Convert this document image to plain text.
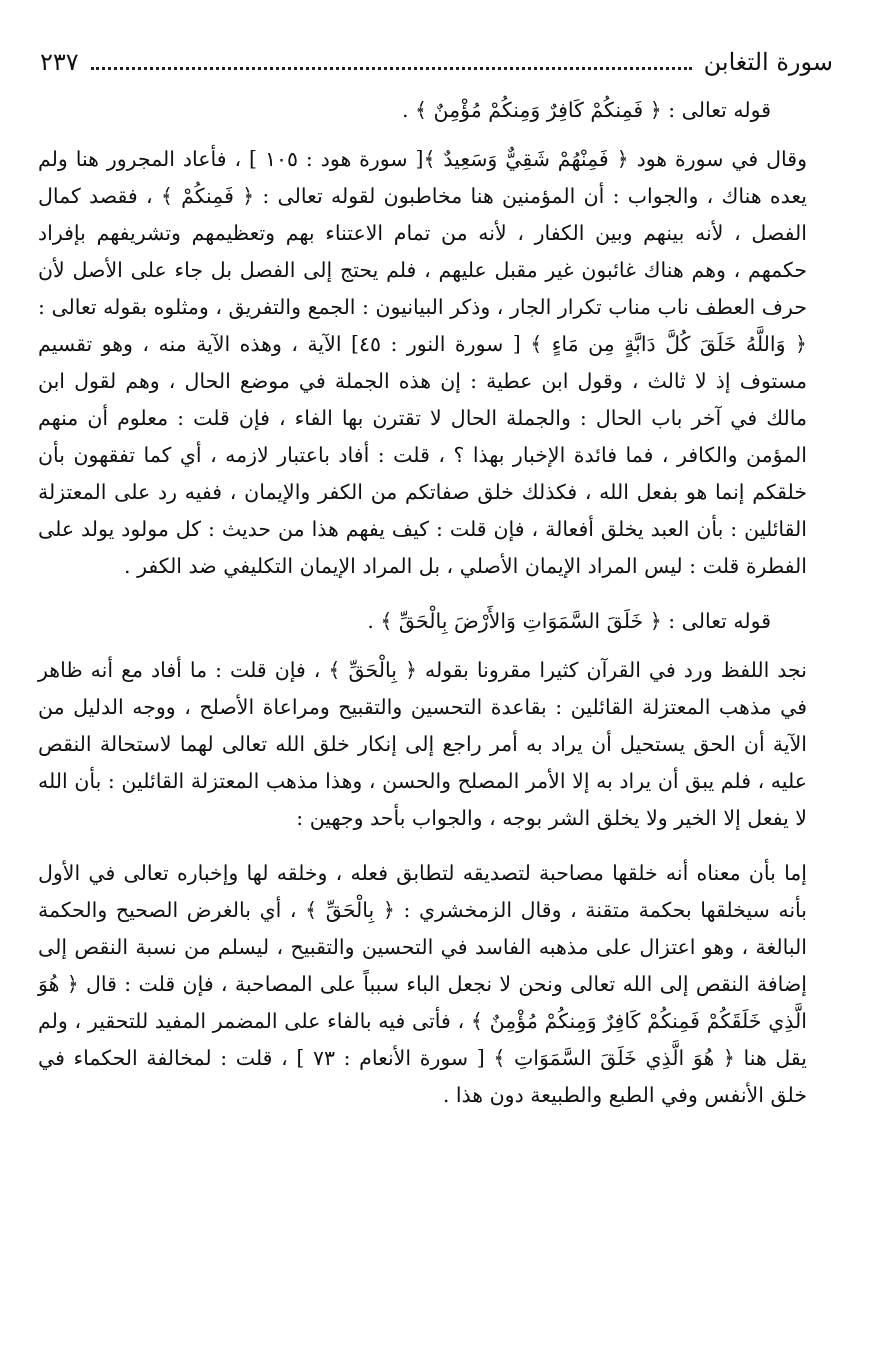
سورة التغابن
٢٣٧

قوله تعالى : ﴿ فَمِنكُمْ كَافِرٌ وَمِنكُمْ مُؤْمِنٌ ﴾ .

وقال في سورة هود ﴿ فَمِنْهُمْ شَقِيٌّ وَسَعِيدٌ ﴾[ سورة هود : ١٠٥ ] ، فأعاد المجرور هنا ولم يعده هناك ، والجواب : أن المؤمنين هنا مخاطبون لقوله تعالى : ﴿ فَمِنكُمْ ﴾ ، فقصد كمال الفصل ، لأنه بينهم وبين الكفار ، لأنه من تمام الاعتناء بهم وتعظيمهم وتشريفهم بإفراد حكمهم ، وهم هناك غائبون غير مقبل عليهم ، فلم يحتج إلى الفصل بل جاء على الأصل لأن حرف العطف ناب مناب تكرار الجار ، وذكر البيانيون : الجمع والتفريق ، ومثلوه بقوله تعالى : ﴿ وَاللَّهُ خَلَقَ كُلَّ دَابَّةٍ مِن مَاءٍ ﴾ [ سورة النور : ٤٥] الآية ، وهذه الآية منه ، وهو تقسيم مستوف إذ لا ثالث ، وقول ابن عطية : إن هذه الجملة في موضع الحال ، وهم لقول ابن مالك في آخر باب الحال : والجملة الحال لا تقترن بها الفاء ، فإن قلت : معلوم أن منهم المؤمن والكافر ، فما فائدة الإخبار بهذا ؟ ، قلت : أفاد باعتبار لازمه ، أي كما تفقهون بأن خلقكم إنما هو بفعل الله ، فكذلك خلق صفاتكم من الكفر والإيمان ، ففيه رد على المعتزلة القائلين : بأن العبد يخلق أفعالة ، فإن قلت : كيف يفهم هذا من حديث : كل مولود يولد على الفطرة قلت : ليس المراد الإيمان الأصلي ، بل المراد الإيمان التكليفي ضد الكفر .

قوله تعالى : ﴿ خَلَقَ السَّمَوَاتِ وَالأَرْضَ بِالْحَقِّ ﴾ .

نجد اللفظ ورد في القرآن كثيرا مقرونا بقوله ﴿ بِالْحَقِّ ﴾ ، فإن قلت : ما أفاد مع أنه ظاهر في مذهب المعتزلة القائلين : بقاعدة التحسين والتقبيح ومراعاة الأصلح ، ووجه الدليل من الآية أن الحق يستحيل أن يراد به أمر راجع إلى إنكار خلق الله تعالى لهما لاستحالة النقص عليه ، فلم يبق أن يراد به إلا الأمر المصلح والحسن ، وهذا مذهب المعتزلة القائلين : بأن الله لا يفعل إلا الخير ولا يخلق الشر بوجه ، والجواب بأحد وجهين :

إما بأن معناه أنه خلقها مصاحبة لتصديقه لتطابق فعله ، وخلقه لها وإخباره تعالى في الأول بأنه سيخلقها بحكمة متقنة ، وقال الزمخشري : ﴿ بِالْحَقِّ ﴾ ، أي بالغرض الصحيح والحكمة البالغة ، وهو اعتزال على مذهبه الفاسد في التحسين والتقبيح ، ليسلم من نسبة النقص إلى إضافة النقص إلى الله تعالى ونحن لا نجعل الباء سبباً على المصاحبة ، فإن قلت : قال ﴿ هُوَ الَّذِي خَلَقَكُمْ فَمِنكُمْ كَافِرٌ وَمِنكُمْ مُؤْمِنٌ ﴾ ، فأتى فيه بالفاء على المضمر المفيد للتحقير ، ولم يقل هنا ﴿ هُوَ الَّذِي خَلَقَ السَّمَوَاتِ ﴾ [ سورة الأنعام : ٧٣ ] ، قلت : لمخالفة الحكماء في خلق الأنفس وفي الطبع والطبيعة دون هذا .
